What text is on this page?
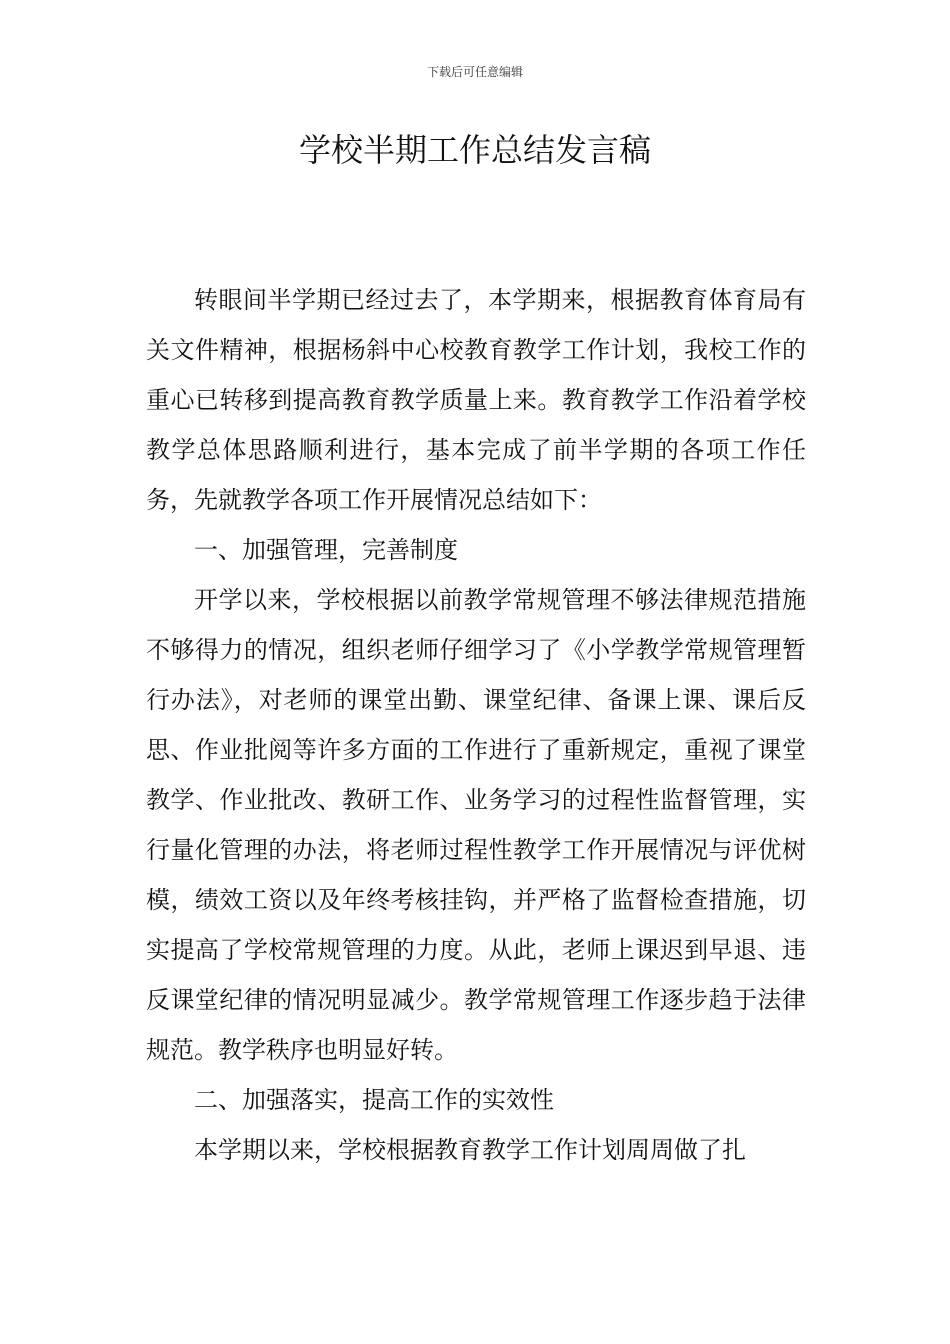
下载后可任意编辑
学校半期工作总结发言稿

转眼间半学期已经过去了，本学期来，根据教育体育局有关文件精神，根据杨斜中心校教育教学工作计划，我校工作的重心已转移到提高教育教学质量上来。教育教学工作沿着学校教学总体思路顺利进行，基本完成了前半学期的各项工作任务，先就教学各项工作开展情况总结如下：

一、加强管理，完善制度

开学以来，学校根据以前教学常规管理不够法律规范措施不够得力的情况，组织老师仔细学习了《小学教学常规管理暂行办法》，对老师的课堂出勤、课堂纪律、备课上课、课后反思、作业批阅等许多方面的工作进行了重新规定，重视了课堂教学、作业批改、教研工作、业务学习的过程性监督管理，实行量化管理的办法，将老师过程性教学工作开展情况与评优树模，绩效工资以及年终考核挂钩，并严格了监督检查措施，切实提高了学校常规管理的力度。从此，老师上课迟到早退、违反课堂纪律的情况明显减少。教学常规管理工作逐步趋于法律规范。教学秩序也明显好转。

二、加强落实，提高工作的实效性

本学期以来，学校根据教育教学工作计划周周做了扎
